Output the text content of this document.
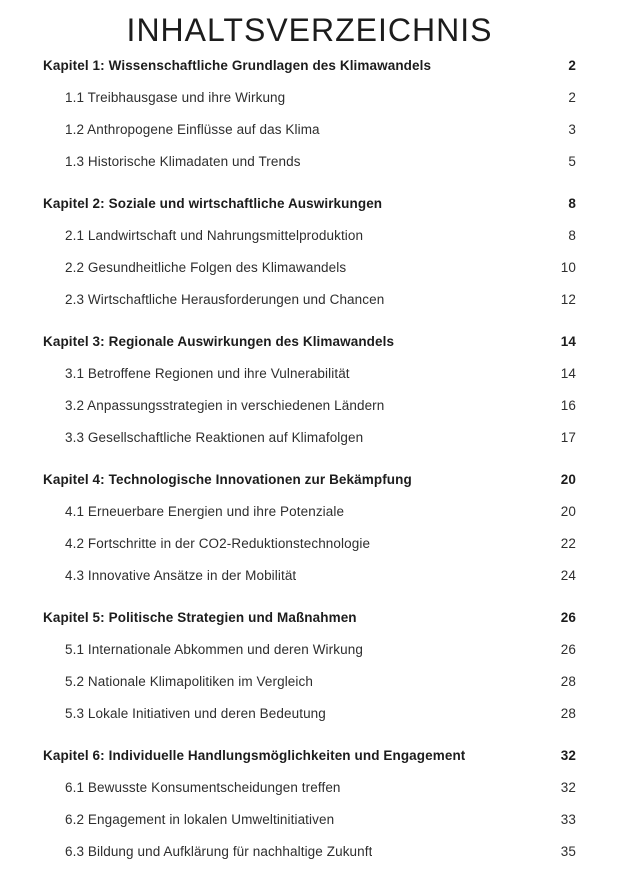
INHALTSVERZEICHNIS
Kapitel 1: Wissenschaftliche Grundlagen des Klimawandels	2
1.1 Treibhausgase und ihre Wirkung	2
1.2 Anthropogene Einflüsse auf das Klima	3
1.3 Historische Klimadaten und Trends	5
Kapitel 2: Soziale und wirtschaftliche Auswirkungen	8
2.1 Landwirtschaft und Nahrungsmittelproduktion	8
2.2 Gesundheitliche Folgen des Klimawandels	10
2.3 Wirtschaftliche Herausforderungen und Chancen	12
Kapitel 3: Regionale Auswirkungen des Klimawandels	14
3.1 Betroffene Regionen und ihre Vulnerabilität	14
3.2 Anpassungsstrategien in verschiedenen Ländern	16
3.3 Gesellschaftliche Reaktionen auf Klimafolgen	17
Kapitel 4: Technologische Innovationen zur Bekämpfung	20
4.1 Erneuerbare Energien und ihre Potenziale	20
4.2 Fortschritte in der CO2-Reduktionstechnologie	22
4.3 Innovative Ansätze in der Mobilität	24
Kapitel 5: Politische Strategien und Maßnahmen	26
5.1 Internationale Abkommen und deren Wirkung	26
5.2 Nationale Klimapolitiken im Vergleich	28
5.3 Lokale Initiativen und deren Bedeutung	28
Kapitel 6: Individuelle Handlungsmöglichkeiten und Engagement	32
6.1 Bewusste Konsumentscheidungen treffen	32
6.2 Engagement in lokalen Umweltinitiativen	33
6.3 Bildung und Aufklärung für nachhaltige Zukunft	35
